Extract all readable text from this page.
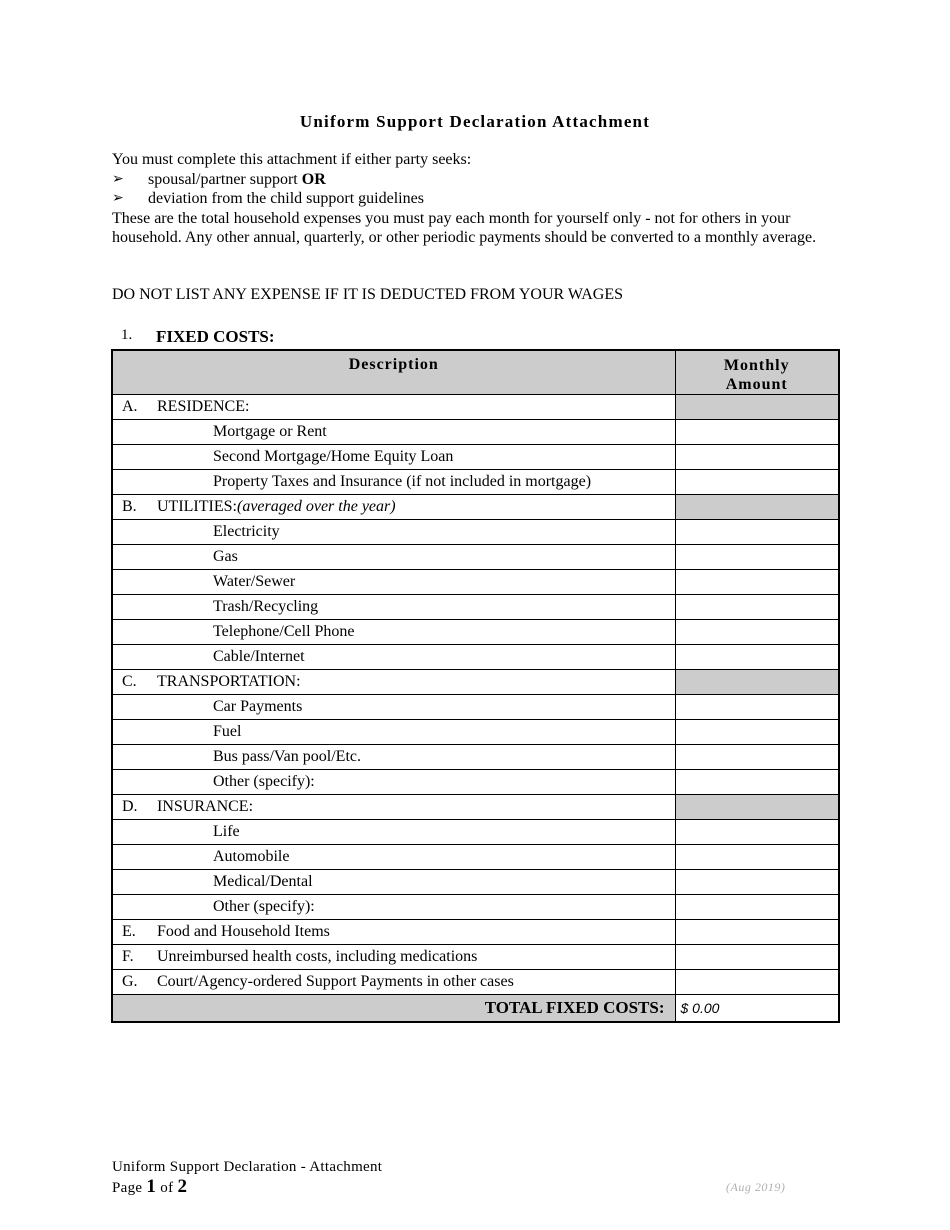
Uniform Support Declaration Attachment

You must complete this attachment if either party seeks:

➢	spousal/partner support OR
➢	deviation from the child support guidelines

These are the total household expenses you must pay each month for yourself only - not for others in your household. Any other annual, quarterly, or other periodic payments should be converted to a monthly average.

DO NOT LIST ANY EXPENSE IF IT IS DEDUCTED FROM YOUR WAGES
1.	FIXED COSTS:
Description	Monthly
Amount

A. RESIDENCE:	

Mortgage or Rent	

Second Mortgage/Home Equity Loan	

Property Taxes and Insurance (if not included in mortgage)	

B. UTILITIES: (averaged over the year)	

Electricity	

Gas	

Water/Sewer	

Trash/Recycling	

Telephone/Cell Phone	

Cable/Internet	

C. TRANSPORTATION:	

Car Payments	

Fuel	

Bus pass/Van pool/Etc.	

Other (specify):	

D. INSURANCE:	

Life	

Automobile	

Medical/Dental	

Other (specify):	

E. Food and Household Items	

F. Unreimbursed health costs, including medications	

G. Court/Agency-ordered Support Payments in other cases	

TOTAL FIXED COSTS:	$ 0.00
Uniform Support Declaration - Attachment
Page 1 of 2	(Aug 2019)
